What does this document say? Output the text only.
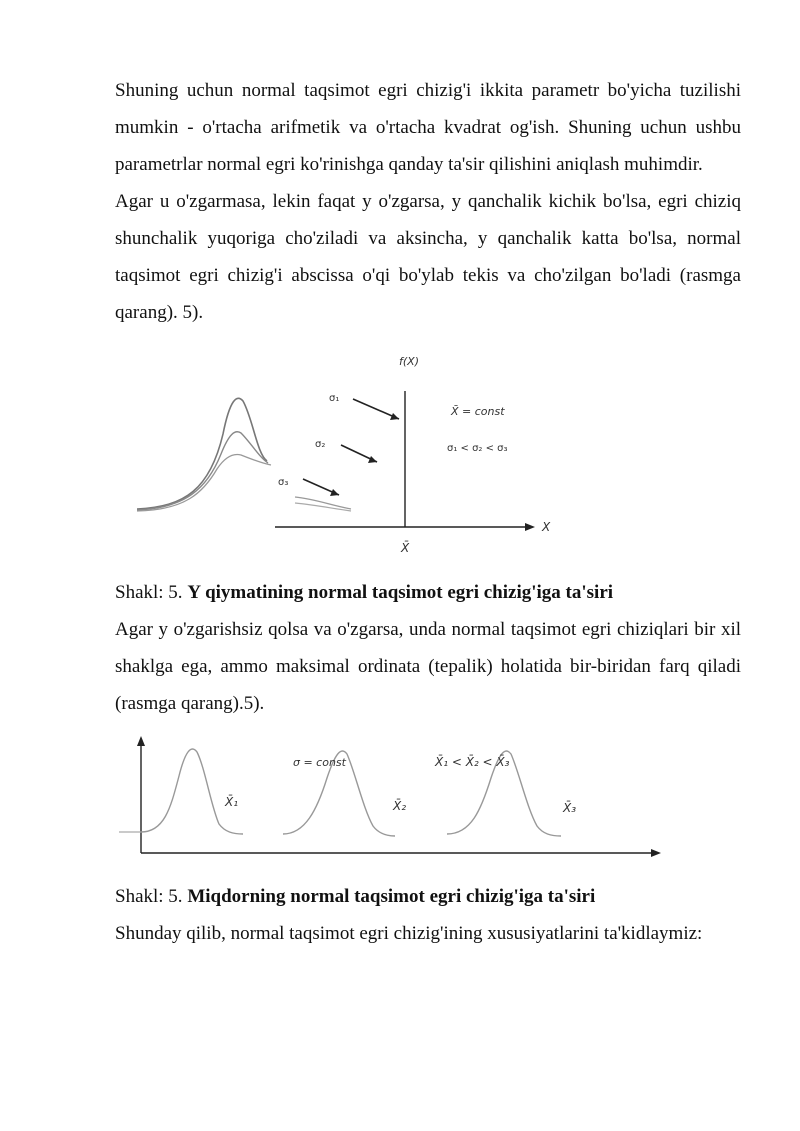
Shuning uchun normal taqsimot egri chizig'i ikkita parametr bo'yicha tuzilishi mumkin - o'rtacha arifmetik va o'rtacha kvadrat og'ish. Shuning uchun ushbu parametrlar normal egri ko'rinishga qanday ta'sir qilishini aniqlash muhimdir.

Agar u o'zgarmasa, lekin faqat y o'zgarsa, y qanchalik kichik bo'lsa, egri chiziq shunchalik yuqoriga cho'ziladi va aksincha, y qanchalik katta bo'lsa, normal taqsimot egri chizig'i abscissa o'qi bo'ylab tekis va cho'zilgan bo'ladi (rasmga qarang). 5).

f(X)
X
X̄
σ₁
σ₂
σ₃
X̄ = const
σ₁ < σ₂ < σ₃

Shakl: 5. Y qiymatining normal taqsimot egri chizig'iga ta'siri

Agar y o'zgarishsiz qolsa va o'zgarsa, unda normal taqsimot egri chiziqlari bir xil shaklga ega, ammo maksimal ordinata (tepalik) holatida bir-biridan farq qiladi (rasmga qarang).5).

X̄₁
σ = const
X̄₂
X̄₁ < X̄₂ < X̄₃
X̄₃

Shakl: 5. Miqdorning normal taqsimot egri chizig'iga ta'siri

Shunday qilib, normal taqsimot egri chizig'ining xususiyatlarini ta'kidlaymiz:
